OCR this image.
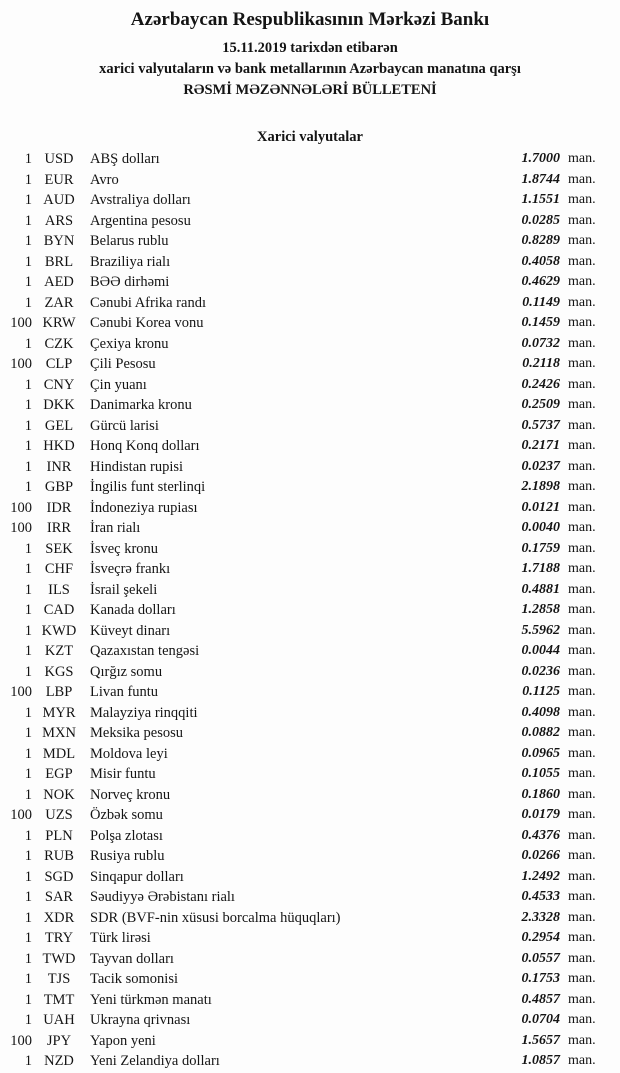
Azərbaycan Respublikasının Mərkəzi Bankı
15.11.2019 tarixdən etibarən
xarici valyutaların və bank metallarının Azərbaycan manatına qarşı
RƏSMİ MƏZƏNNƏLƏRİ BÜLLETENİ
Xarici valyutalar
1 USD	ABŞ dolları	1.7000 man.
1 EUR	Avro	1.8744 man.
1 AUD	Avstraliya dolları	1.1551 man.
1 ARS	Argentina pesosu	0.0285 man.
1 BYN	Belarus rublu	0.8289 man.
1 BRL	Braziliya rialı	0.4058 man.
1 AED	BƏƏ dirhəmi	0.4629 man.
1 ZAR	Cənubi Afrika randı	0.1149 man.
100 KRW Cənubi Korea vonu	0.1459 man.
1 CZK	Çexiya kronu	0.0732 man.
100 CLP	Çili Pesosu	0.2118 man.
1 CNY	Çin yuanı	0.2426 man.
1 DKK	Danimarka kronu	0.2509 man.
1 GEL	Gürcü larisi	0.5737 man.
1 HKD	Honq Konq dolları	0.2171 man.
1	INR	Hindistan rupisi	0.0237 man.
1 GBP	İngilis funt sterlinqi	2.1898 man.
100	IDR	İndoneziya rupiası	0.0121 man.
100	IRR	İran rialı	0.0040 man.
1 SEK	İsveç kronu	0.1759 man.
1 CHF	İsveçrə frankı	1.7188 man.
1	ILS	İsrail şekeli	0.4881 man.
1 CAD	Kanada dolları	1.2858 man.
1 KWD Küveyt dinarı	5.5962 man.
1 KZT	Qazaxıstan tengəsi	0.0044 man.
1 KGS	Qırğız somu	0.0236 man.
100 LBP	Livan funtu	0.1125 man.
1 MYR Malayziya rinqqiti	0.4098 man.
1 MXN Meksika pesosu	0.0882 man.
1 MDL	Moldova leyi	0.0965 man.
1 EGP	Misir funtu	0.1055 man.
1 NOK	Norveç kronu	0.1860 man.
100 UZS	Özbək somu	0.0179 man.
1 PLN	Polşa zlotası	0.4376 man.
1 RUB	Rusiya rublu	0.0266 man.
1 SGD	Sinqapur dolları	1.2492 man.
1 SAR	Səudiyyə Ərəbistanı rialı	0.4533 man.
1 XDR	SDR (BVF-nin xüsusi borcalma hüquqları)	2.3328 man.
1 TRY	Türk lirəsi	0.2954 man.
1 TWD	Tayvan dolları	0.0557 man.
1	TJS	Tacik somonisi	0.1753 man.
1 TMT	Yeni türkmən manatı	0.4857 man.
1 UAH	Ukrayna qrivnası	0.0704 man.
100	JPY	Yapon yeni	1.5657 man.
1 NZD	Yeni Zelandiya dolları	1.0857 man.
